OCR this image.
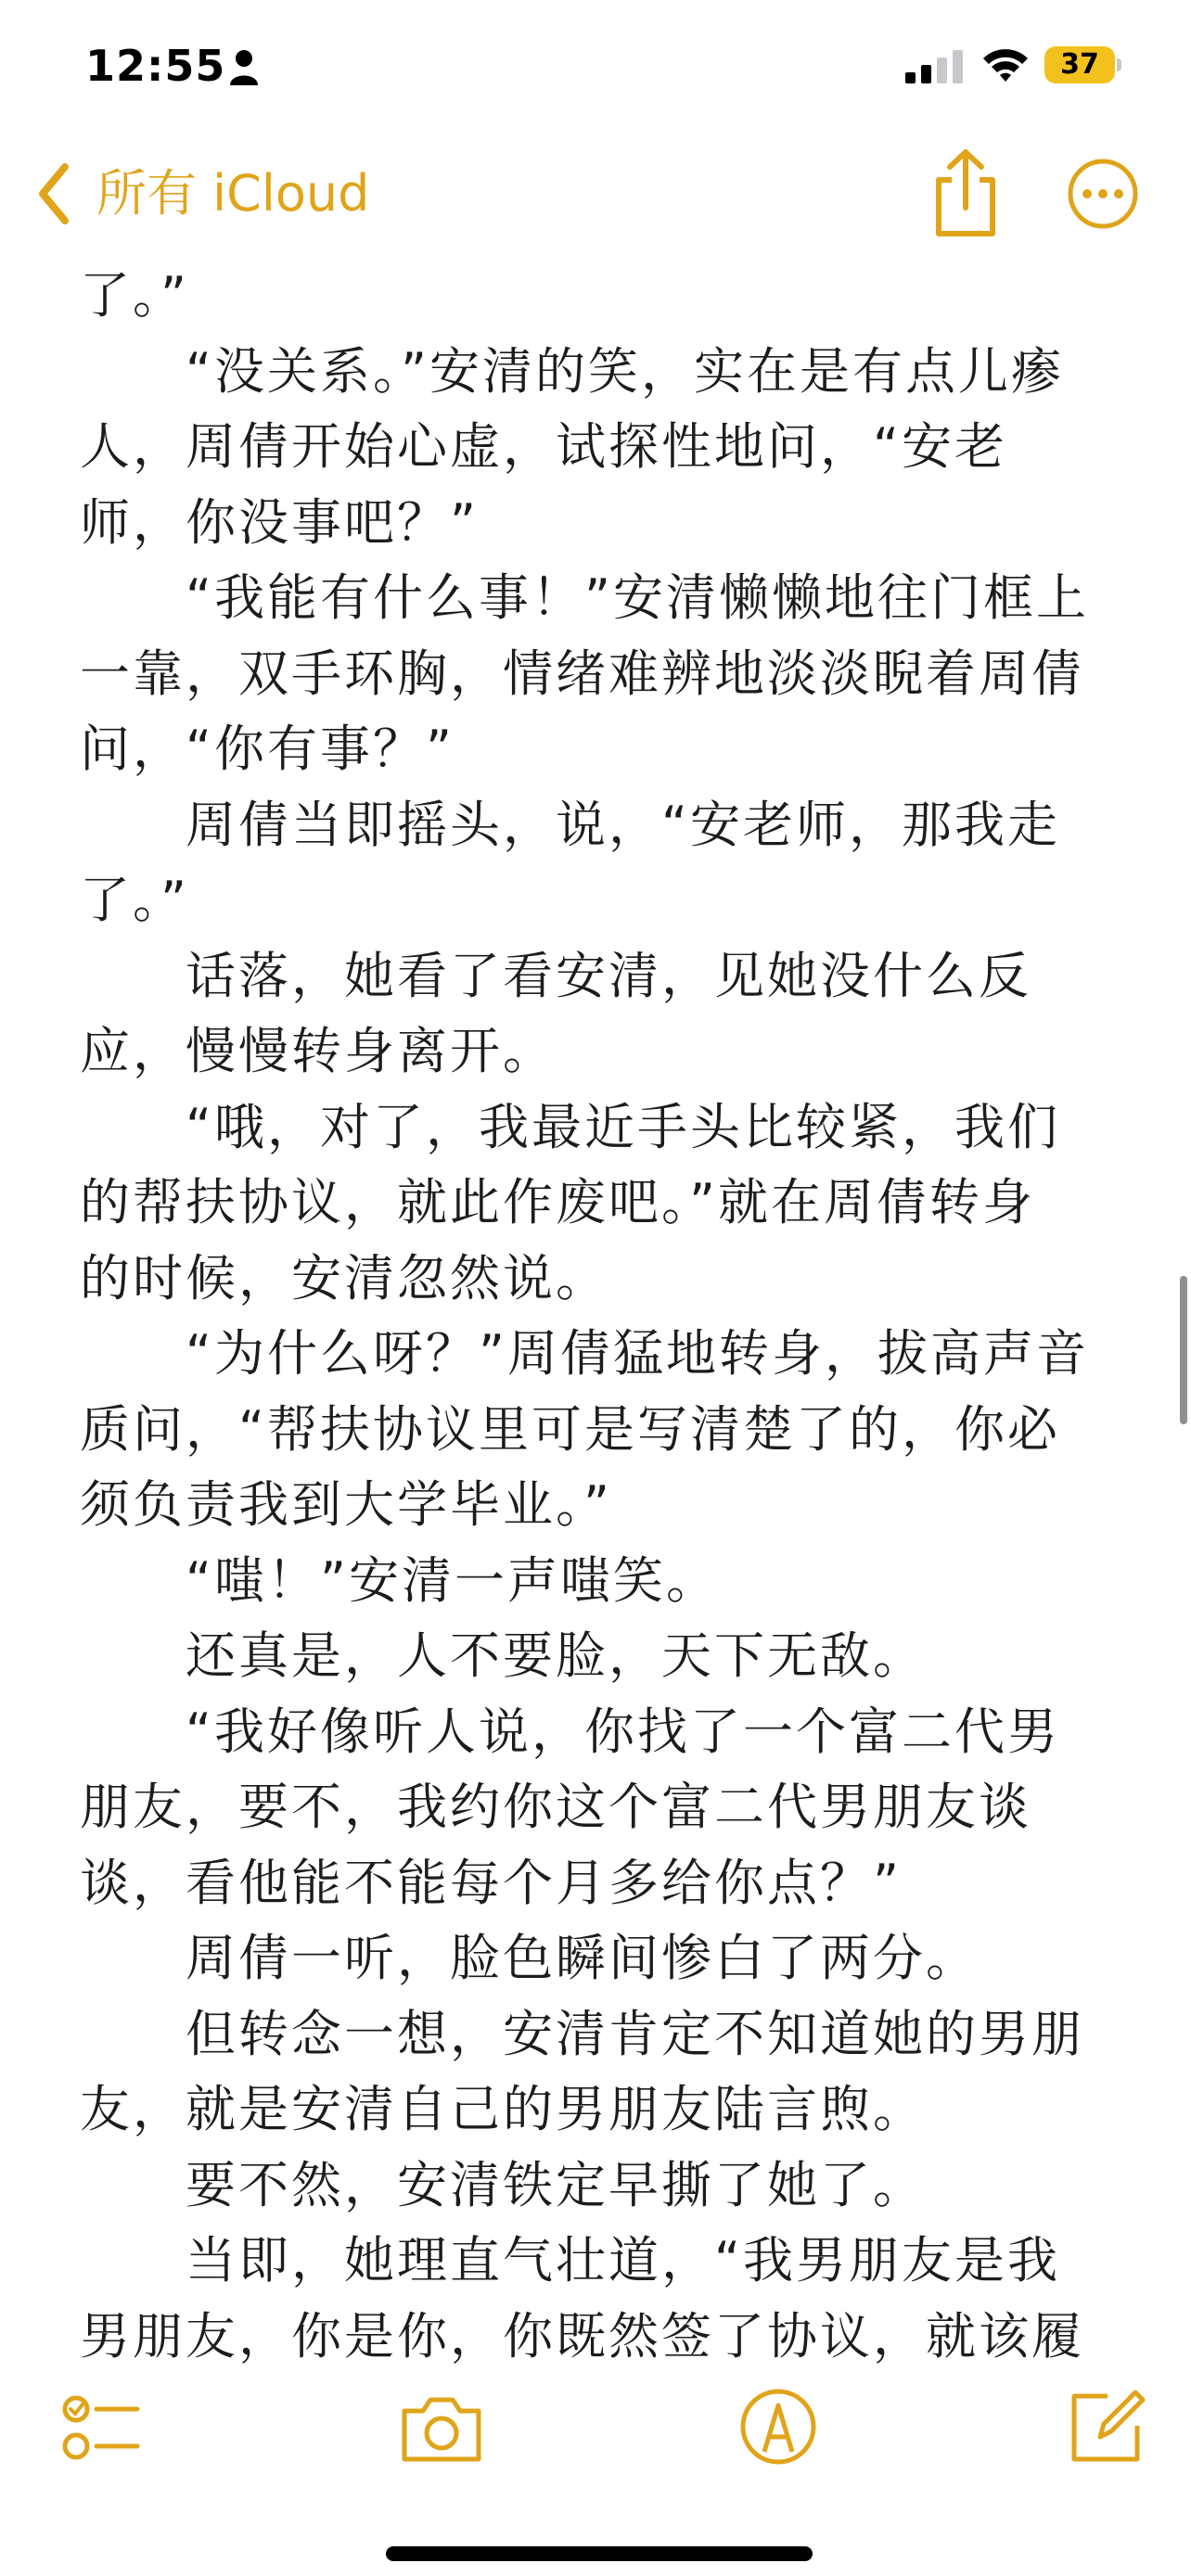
12:55	37

所有 iCloud

了。”

　　“没关系。”安清的笑，实在是有点儿瘆

人，周倩开始心虚，试探性地问，“安老

师，你没事吧？”

　　“我能有什么事！”安清懒懒地往门框上

一靠，双手环胸，情绪难辨地淡淡睨着周倩

问，“你有事？”

　　周倩当即摇头，说，“安老师，那我走

了。”

　　话落，她看了看安清，见她没什么反

应，慢慢转身离开。

　　“哦，对了，我最近手头比较紧，我们

的帮扶协议，就此作废吧。”就在周倩转身

的时候，安清忽然说。

　　“为什么呀？”周倩猛地转身，拔高声音

质问，“帮扶协议里可是写清楚了的，你必

须负责我到大学毕业。”

　　“嗤！”安清一声嗤笑。

　　还真是，人不要脸，天下无敌。

　　“我好像听人说，你找了一个富二代男

朋友，要不，我约你这个富二代男朋友谈

谈，看他能不能每个月多给你点？”

　　周倩一听，脸色瞬间惨白了两分。

　　但转念一想，安清肯定不知道她的男朋

友，就是安清自己的男朋友陆言煦。

　　要不然，安清铁定早撕了她了。

　　当即，她理直气壮道，“我男朋友是我

男朋友，你是你，你既然签了协议，就该履
